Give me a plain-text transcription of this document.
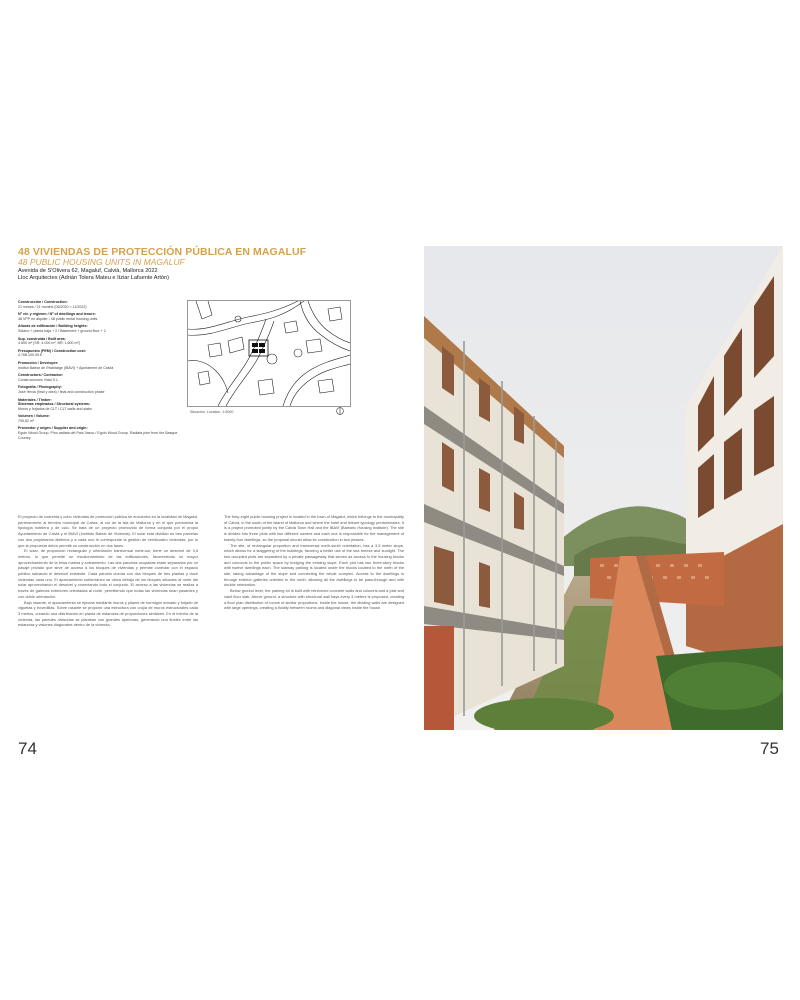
48 VIVIENDAS DE PROTECCIÓN PÚBLICA EN MAGALUF
48 PUBLIC HOUSING UNITS IN MAGALUF
Avenida de S'Olivera 62, Magaluf, Calvià, Mallorca 2022
Lloc Arquitectes (Adrián Tolera Mateu e Itziar Lafuente Artón)
Construcción / Construction:
21 meses / 21 months (06/2020 > 11/2022)
Nº viv. y régimen / Nº of dwellings and tenure:
48 VPP en alquiler / 48 public rental housing units
Alturas de edificación / Building heights:
Sótano + planta baja + 2 / Basement + ground floor + 2
Sup. construida / Built area:
4.600 m² (SR: 4.000 m², BR: 1.600 m²)
Presupuesto (PEM) / Construction cost:
4.768.100,05 €
Promoción / Developer:
Institut Balear de l'Habitatge (IBAVI) + Ajuntament de Calvià
Constructora / Contractor:
Construcciones Vidal S.L.
Fotografía / Photography:
José Hevia (final y obra) / final and construction phase
Materiales / Timber:
Sistemas empleados / Structural systems:
Muros y forjados de CLT / CLT walls and slabs
Volumen / Volume:
795,82 m³
Proveedor y origen / Supplier and origin:
Egoin Wood Group. Pino radiata del País Vasco / Egoin Wood Group. Radiata pine from the Basque Country
Situación. Location. 1:5000

El proyecto de cuarenta y ocho viviendas de protección pública se encuentra en la localidad de Magaluf, perteneciente al término municipal de Calvià, al sur de la isla de Mallorca y en el que predomina la tipología hotelera y de ocio. Se trata de un proyecto promovido de forma conjunta por el propio Ayuntamiento de Calvià y el IBAVI (Instituto Balear de Vivienda). El solar está dividido en tres parcelas con dos propietarios distintos y a cada uno le corresponde la gestión de veinticuatro viviendas, por lo que la propuesta debía permitir su construcción en dos fases.

El solar, de proporción rectangular y orientación transversal norte-sur, tiene un desnivel de 3,5 metros, lo que permite un escalonamiento de las edificaciones, favoreciendo un mayor aprovechamiento de la brisa marina y soleamiento. Las dos parcelas ocupadas están separadas por un pasaje privado que sirve de acceso a los bloques de viviendas y permite conectar con el espacio público salvando el desnivel existente. Cada parcela cuenta con dos bloques de tres plantas y doce viviendas cada uno. El aparcamiento subterráneo se ubica debajo de los bloques situados al norte del solar aprovechando el desnivel y conectando todo el conjunto. El acceso a las viviendas se realiza a través de galerías exteriores orientadas al norte, permitiendo que todas las viviendas sean pasantes y con doble orientación.

Bajo rasante, el aparcamiento se ejecuta mediante muros y pilares de hormigón armado y forjado de viguetas y bovedillas. Sobre rasante se propone una estructura con crujía de muros estructurales cada 3 metros, creando una distribución en planta de estancias de proporciones similares. En el interior de la vivienda, las paredes divisorias se plantean con grandes aperturas, generando una fluidez entre las estancias y visiones diagonales dentro de la vivienda.

The forty-eight public housing project is located in the town of Magaluf, which belongs to the municipality of Calvià, in the south of the island of Mallorca and where the hotel and leisure typology predominates. It is a project promoted jointly by the Calvià Town Hall and the IBAVI (Balearic Housing Institute). The site is divided into three plots with two different owners and each one is responsible for the management of twenty-four dwellings, so the proposal should allow its construction in two phases.

The site, of rectangular proportion and transversal north-south orientation, has a 3.5 meter slope, which allows for a staggering of the buildings, favoring a better use of the sea breeze and sunlight. The two occupied plots are separated by a private passageway that serves as access to the housing blocks and connects to the public space by bridging the existing slope. Each plot has two three-story blocks with twelve dwellings each. The subway parking is located under the blocks located to the north of the site, taking advantage of the slope and connecting the whole complex. Access to the dwellings is through exterior galleries oriented to the north, allowing all the dwellings to be pass-through and with double orientation.

Below ground level, the parking lot is built with reinforced concrete walls and columns and a joist and vault floor slab. Above ground, a structure with structural wall bays every 3 meters is proposed, creating a floor plan distribution of rooms of similar proportions. Inside the house, the dividing walls are designed with large openings, creating a fluidity between rooms and diagonal views inside the house.

74	75
